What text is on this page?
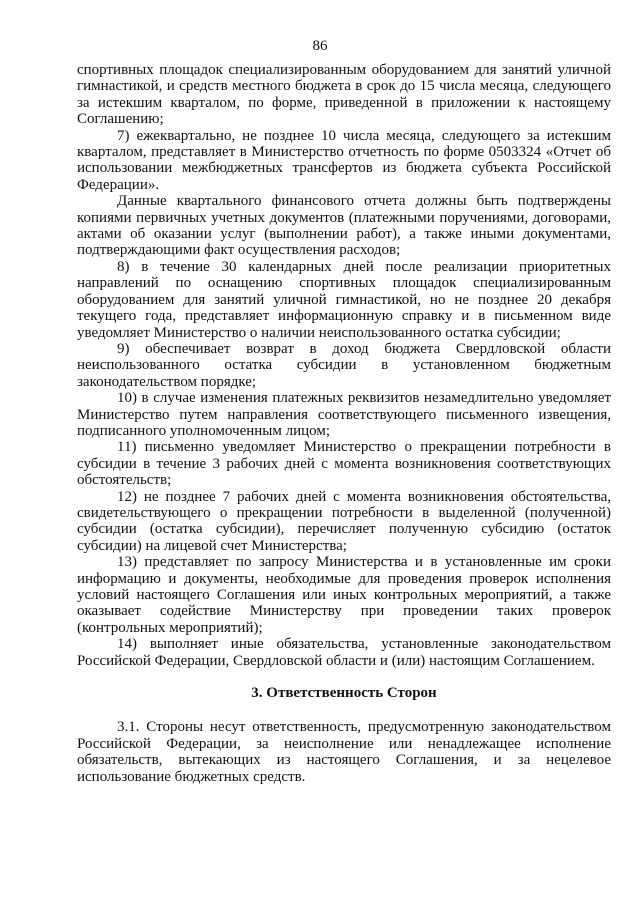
86

спортивных площадок специализированным оборудованием для занятий уличной гимнастикой, и средств местного бюджета в срок до 15 числа месяца, следующего за истекшим кварталом, по форме, приведенной в приложении к настоящему Соглашению;

7) ежеквартально, не позднее 10 числа месяца, следующего за истекшим кварталом, представляет в Министерство отчетность по форме 0503324 «Отчет об использовании межбюджетных трансфертов из бюджета субъекта Российской Федерации».

Данные квартального финансового отчета должны быть подтверждены копиями первичных учетных документов (платежными поручениями, договорами, актами об оказании услуг (выполнении работ), а также иными документами, подтверждающими факт осуществления расходов;

8) в течение 30 календарных дней после реализации приоритетных направлений по оснащению спортивных площадок специализированным оборудованием для занятий уличной гимнастикой, но не позднее 20 декабря текущего года, представляет информационную справку и в письменном виде уведомляет Министерство о наличии неиспользованного остатка субсидии;

9) обеспечивает возврат в доход бюджета Свердловской области неиспользованного остатка субсидии в установленном бюджетным законодательством порядке;

10) в случае изменения платежных реквизитов незамедлительно уведомляет Министерство путем направления соответствующего письменного извещения, подписанного уполномоченным лицом;

11) письменно уведомляет Министерство о прекращении потребности в субсидии в течение 3 рабочих дней с момента возникновения соответствующих обстоятельств;

12) не позднее 7 рабочих дней с момента возникновения обстоятельства, свидетельствующего о прекращении потребности в выделенной (полученной) субсидии (остатка субсидии), перечисляет полученную субсидию (остаток субсидии) на лицевой счет Министерства;

13) представляет по запросу Министерства и в установленные им сроки информацию и документы, необходимые для проведения проверок исполнения условий настоящего Соглашения или иных контрольных мероприятий, а также оказывает содействие Министерству при проведении таких проверок (контрольных мероприятий);

14) выполняет иные обязательства, установленные законодательством Российской Федерации, Свердловской области и (или) настоящим Соглашением.

3. Ответственность Сторон

3.1. Стороны несут ответственность, предусмотренную законодательством Российской Федерации, за неисполнение или ненадлежащее исполнение обязательств, вытекающих из настоящего Соглашения, и за нецелевое использование бюджетных средств.
